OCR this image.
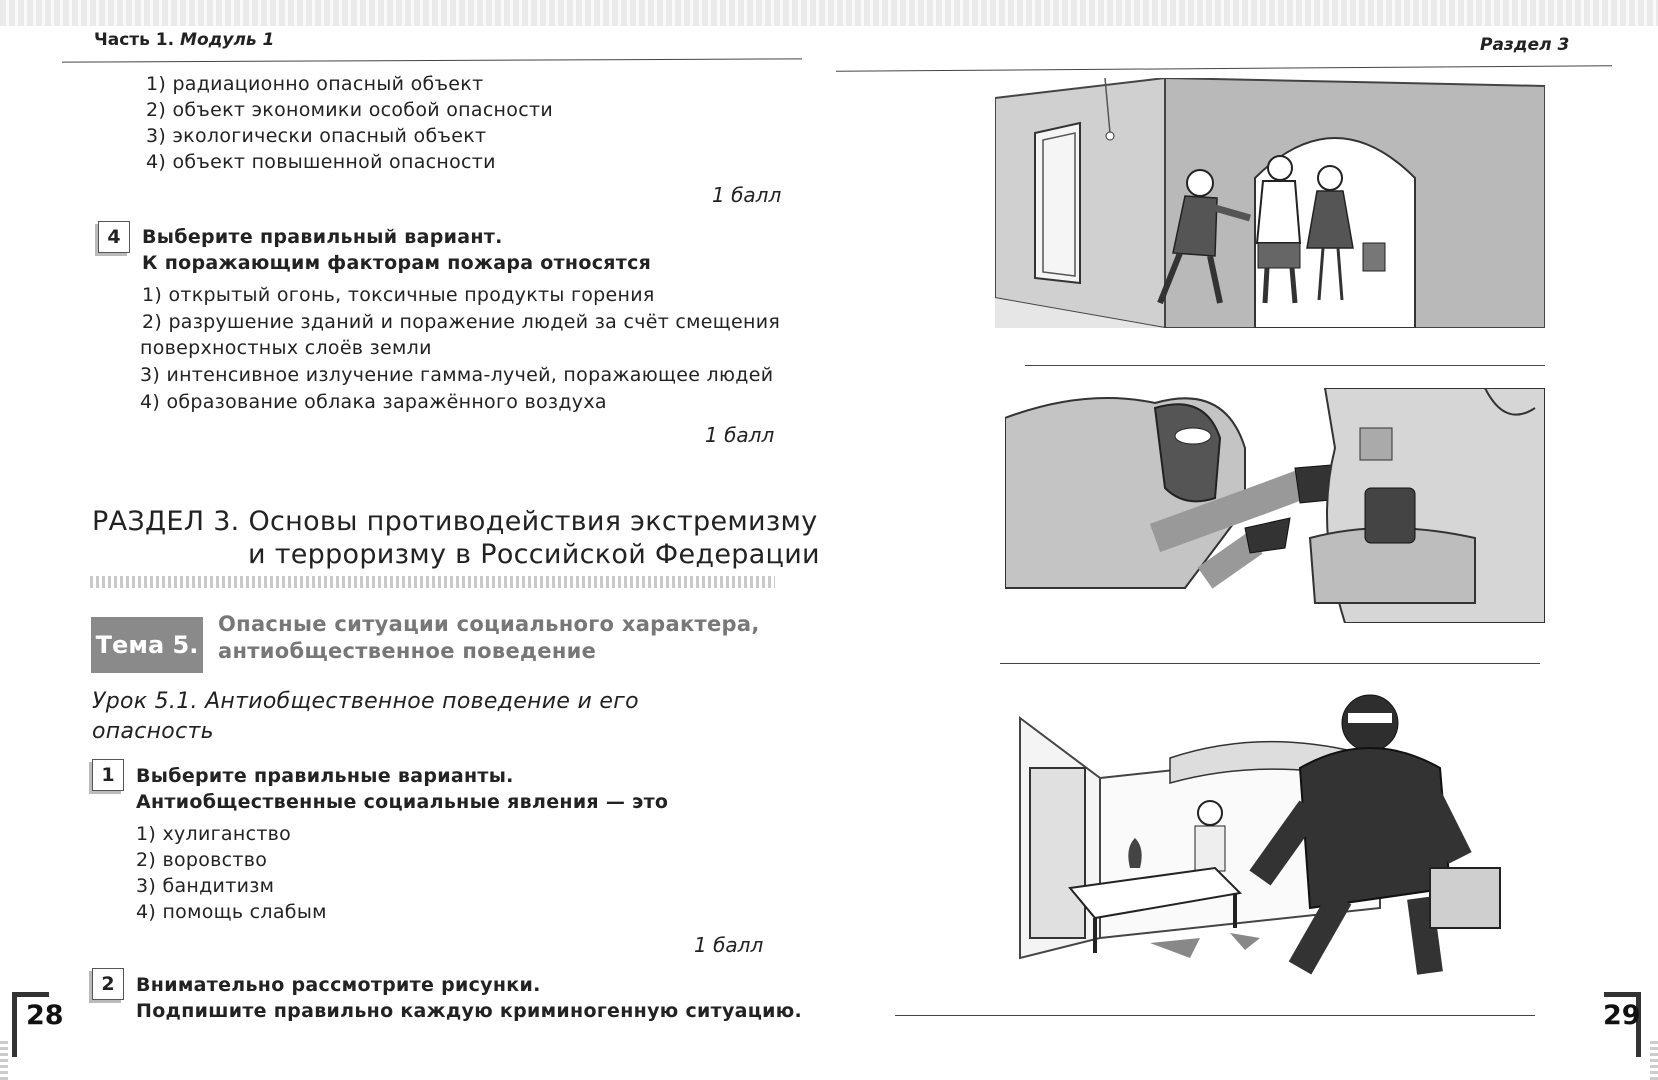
Часть 1. Модуль 1
1) радиационно опасный объект
2) объект экономики особой опасности
3) экологически опасный объект
4) объект повышенной опасности
1 балл
4	Выберите правильный вариант.
К поражающим факторам пожара относятся
1) открытый огонь, токсичные продукты горения
2) разрушение зданий и поражение людей за счёт смещения
поверхностных слоёв земли
3) интенсивное излучение гамма-лучей, поражающее людей
4) образование облака заражённого воздуха
1 балл
РАЗДЕЛ 3. Основы противодействия экстремизму
и терроризму в Российской Федерации
Тема 5.
Опасные ситуации социального характера,
антиобщественное поведение
Урок 5.1. Антиобщественное поведение и его
опасность
1	Выберите правильные варианты.
Антиобщественные социальные явления — это
1) хулиганство
2) воровство
3) бандитизм
4) помощь слабым
1 балл
2	Внимательно рассмотрите рисунки.
Подпишите правильно каждую криминогенную ситуацию.
28
Раздел 3
29
